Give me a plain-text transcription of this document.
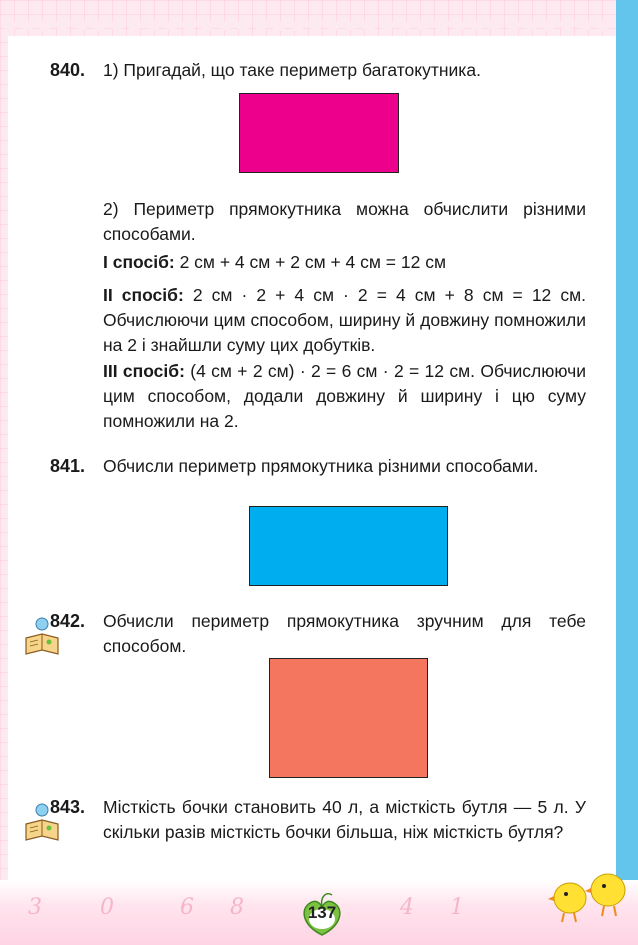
3	0	6 8	4 1
840. 1) Пригадай, що таке периметр багатокутника.
2) Периметр прямокутника можна обчислити різними способами.
I спосіб: 2 см + 4 см + 2 см + 4 см = 12 см
II спосіб: 2 см · 2 + 4 см · 2 = 4 см + 8 см = 12 см. Обчислюючи цим способом, ширину й довжину помножили на 2 і знайшли суму цих добутків.
III спосіб: (4 см + 2 см) · 2 = 6 см · 2 = 12 см. Обчислюючи цим способом, додали довжину й ширину і цю суму помножили на 2.
841. Обчисли периметр прямокутника різними способами.
842. Обчисли периметр прямокутника зручним для тебе способом.
843. Місткість бочки становить 40 л, а місткість бутля — 5 л. У скільки разів місткість бочки більша, ніж місткість бутля?
137
